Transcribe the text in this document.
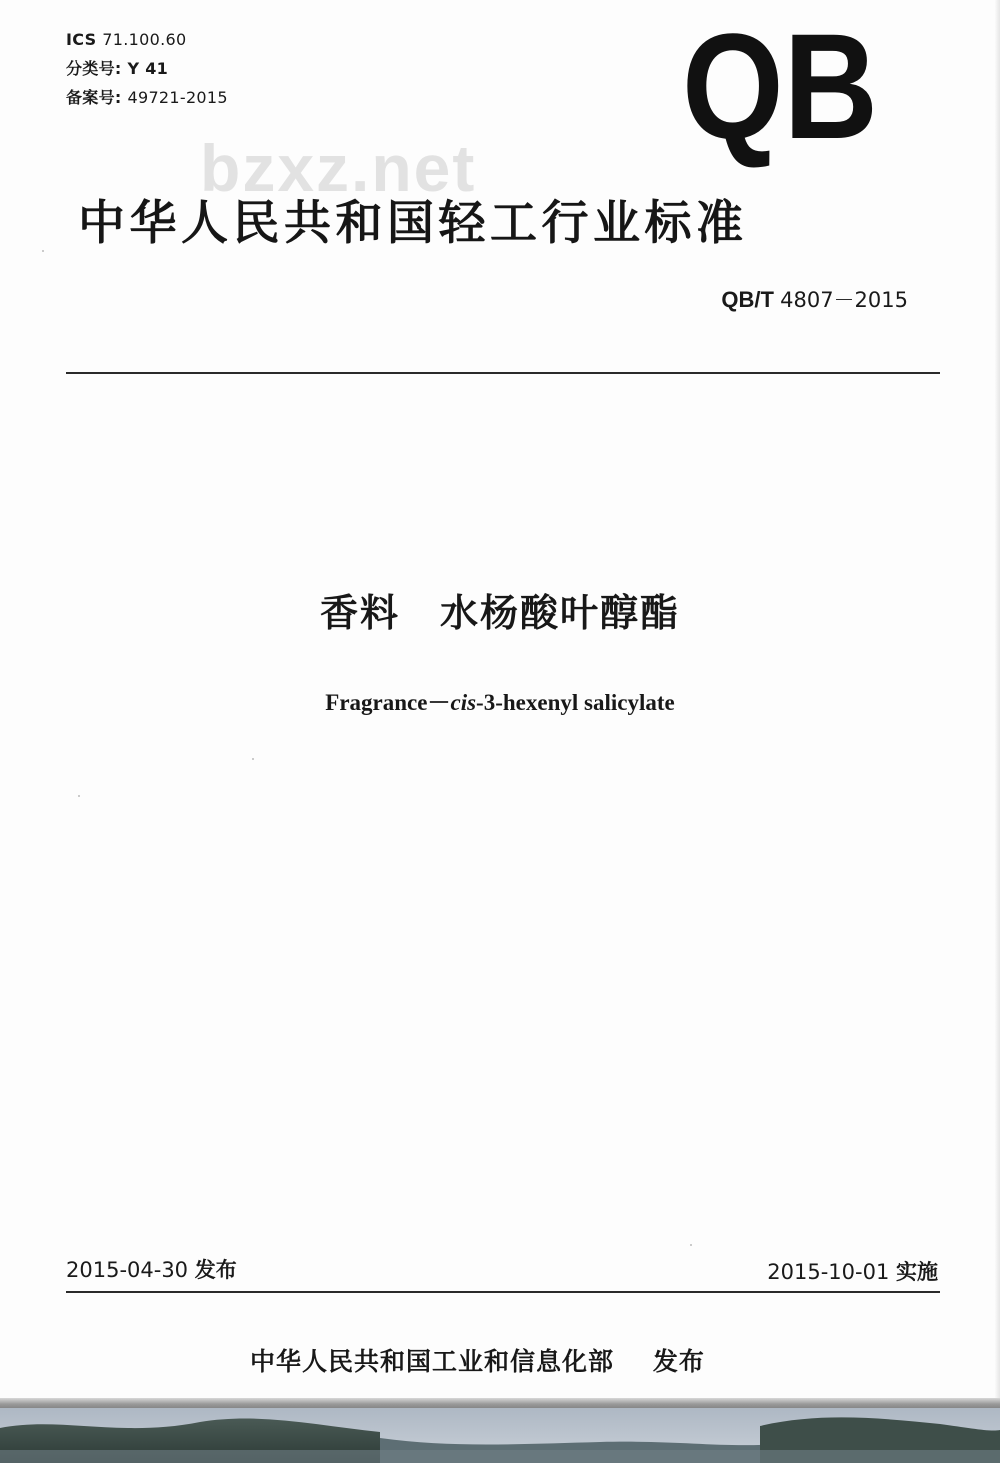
ICS 71.100.60
分类号: Y 41
备案号: 49721-2015	QB
bzxz.net
中华人民共和国轻工行业标准
QB/T 4807－2015
香料　水杨酸叶醇酯
Fragrance－cis-3-hexenyl salicylate
2015-04-30 发布	2015-10-01 实施
中华人民共和国工业和信息化部 发布
